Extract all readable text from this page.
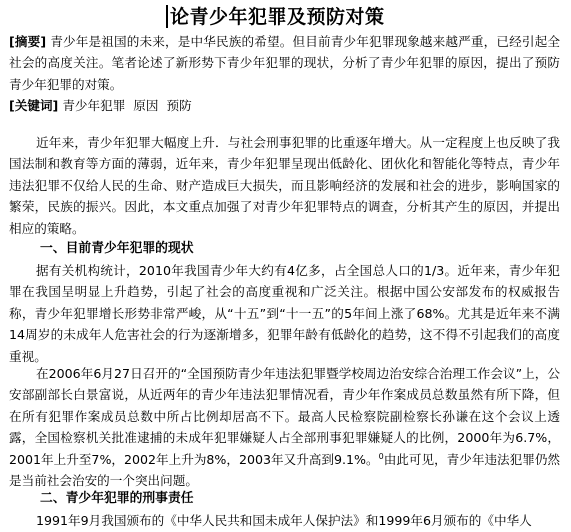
论青少年犯罪及预防对策

[摘要] 青少年是祖国的未来，是中华民族的希望。但目前青少年犯罪现象越来越严重，已经引起全社会的高度关注。笔者论述了新形势下青少年犯罪的现状，分析了青少年犯罪的原因，提出了预防青少年犯罪的对策。

[关键词] 青少年犯罪  原因  预防

近年来，青少年犯罪大幅度上升．与社会刑事犯罪的比重逐年增大。从一定程度上也反映了我国法制和教育等方面的薄弱，近年来，青少年犯罪呈现出低龄化、团伙化和智能化等特点，青少年违法犯罪不仅给人民的生命、财产造成巨大损失，而且影响经济的发展和社会的进步，影响国家的繁荣，民族的振兴。因此，本文重点加强了对青少年犯罪特点的调查，分析其产生的原因，并提出相应的策略。

一、目前青少年犯罪的现状

据有关机构统计，2010年我国青少年大约有4亿多，占全国总人口的1/3。近年来，青少年犯罪在我国呈明显上升趋势，引起了社会的高度重视和广泛关注。根据中国公安部发布的权威报告称，青少年犯罪增长形势非常严峻，从“十五”到“十一五”的5年间上涨了68%。尤其是近年来不满14周岁的未成年人危害社会的行为逐渐增多，犯罪年龄有低龄化的趋势，这不得不引起我们的高度重视。

在2006年6月27日召开的“全国预防青少年违法犯罪暨学校周边治安综合治理工作会议”上，公安部副部长白景富说，从近两年的青少年违法犯罪情况看，青少年作案成员总数虽然有所下降，但在所有犯罪作案成员总数中所占比例却居高不下。最高人民检察院副检察长孙谦在这个会议上透露，全国检察机关批准逮捕的未成年犯罪嫌疑人占全部刑事犯罪嫌疑人的比例，2000年为6.7%，2001年上升至7%，2002年上升为8%，2003年又升高到9.1%。$^0$由此可见，青少年违法犯罪仍然是当前社会治安的一个突出问题。

二、青少年犯罪的刑事责任

1991年9月我国颁布的《中华人民共和国未成年人保护法》和1999年6月颁布的《中华人
